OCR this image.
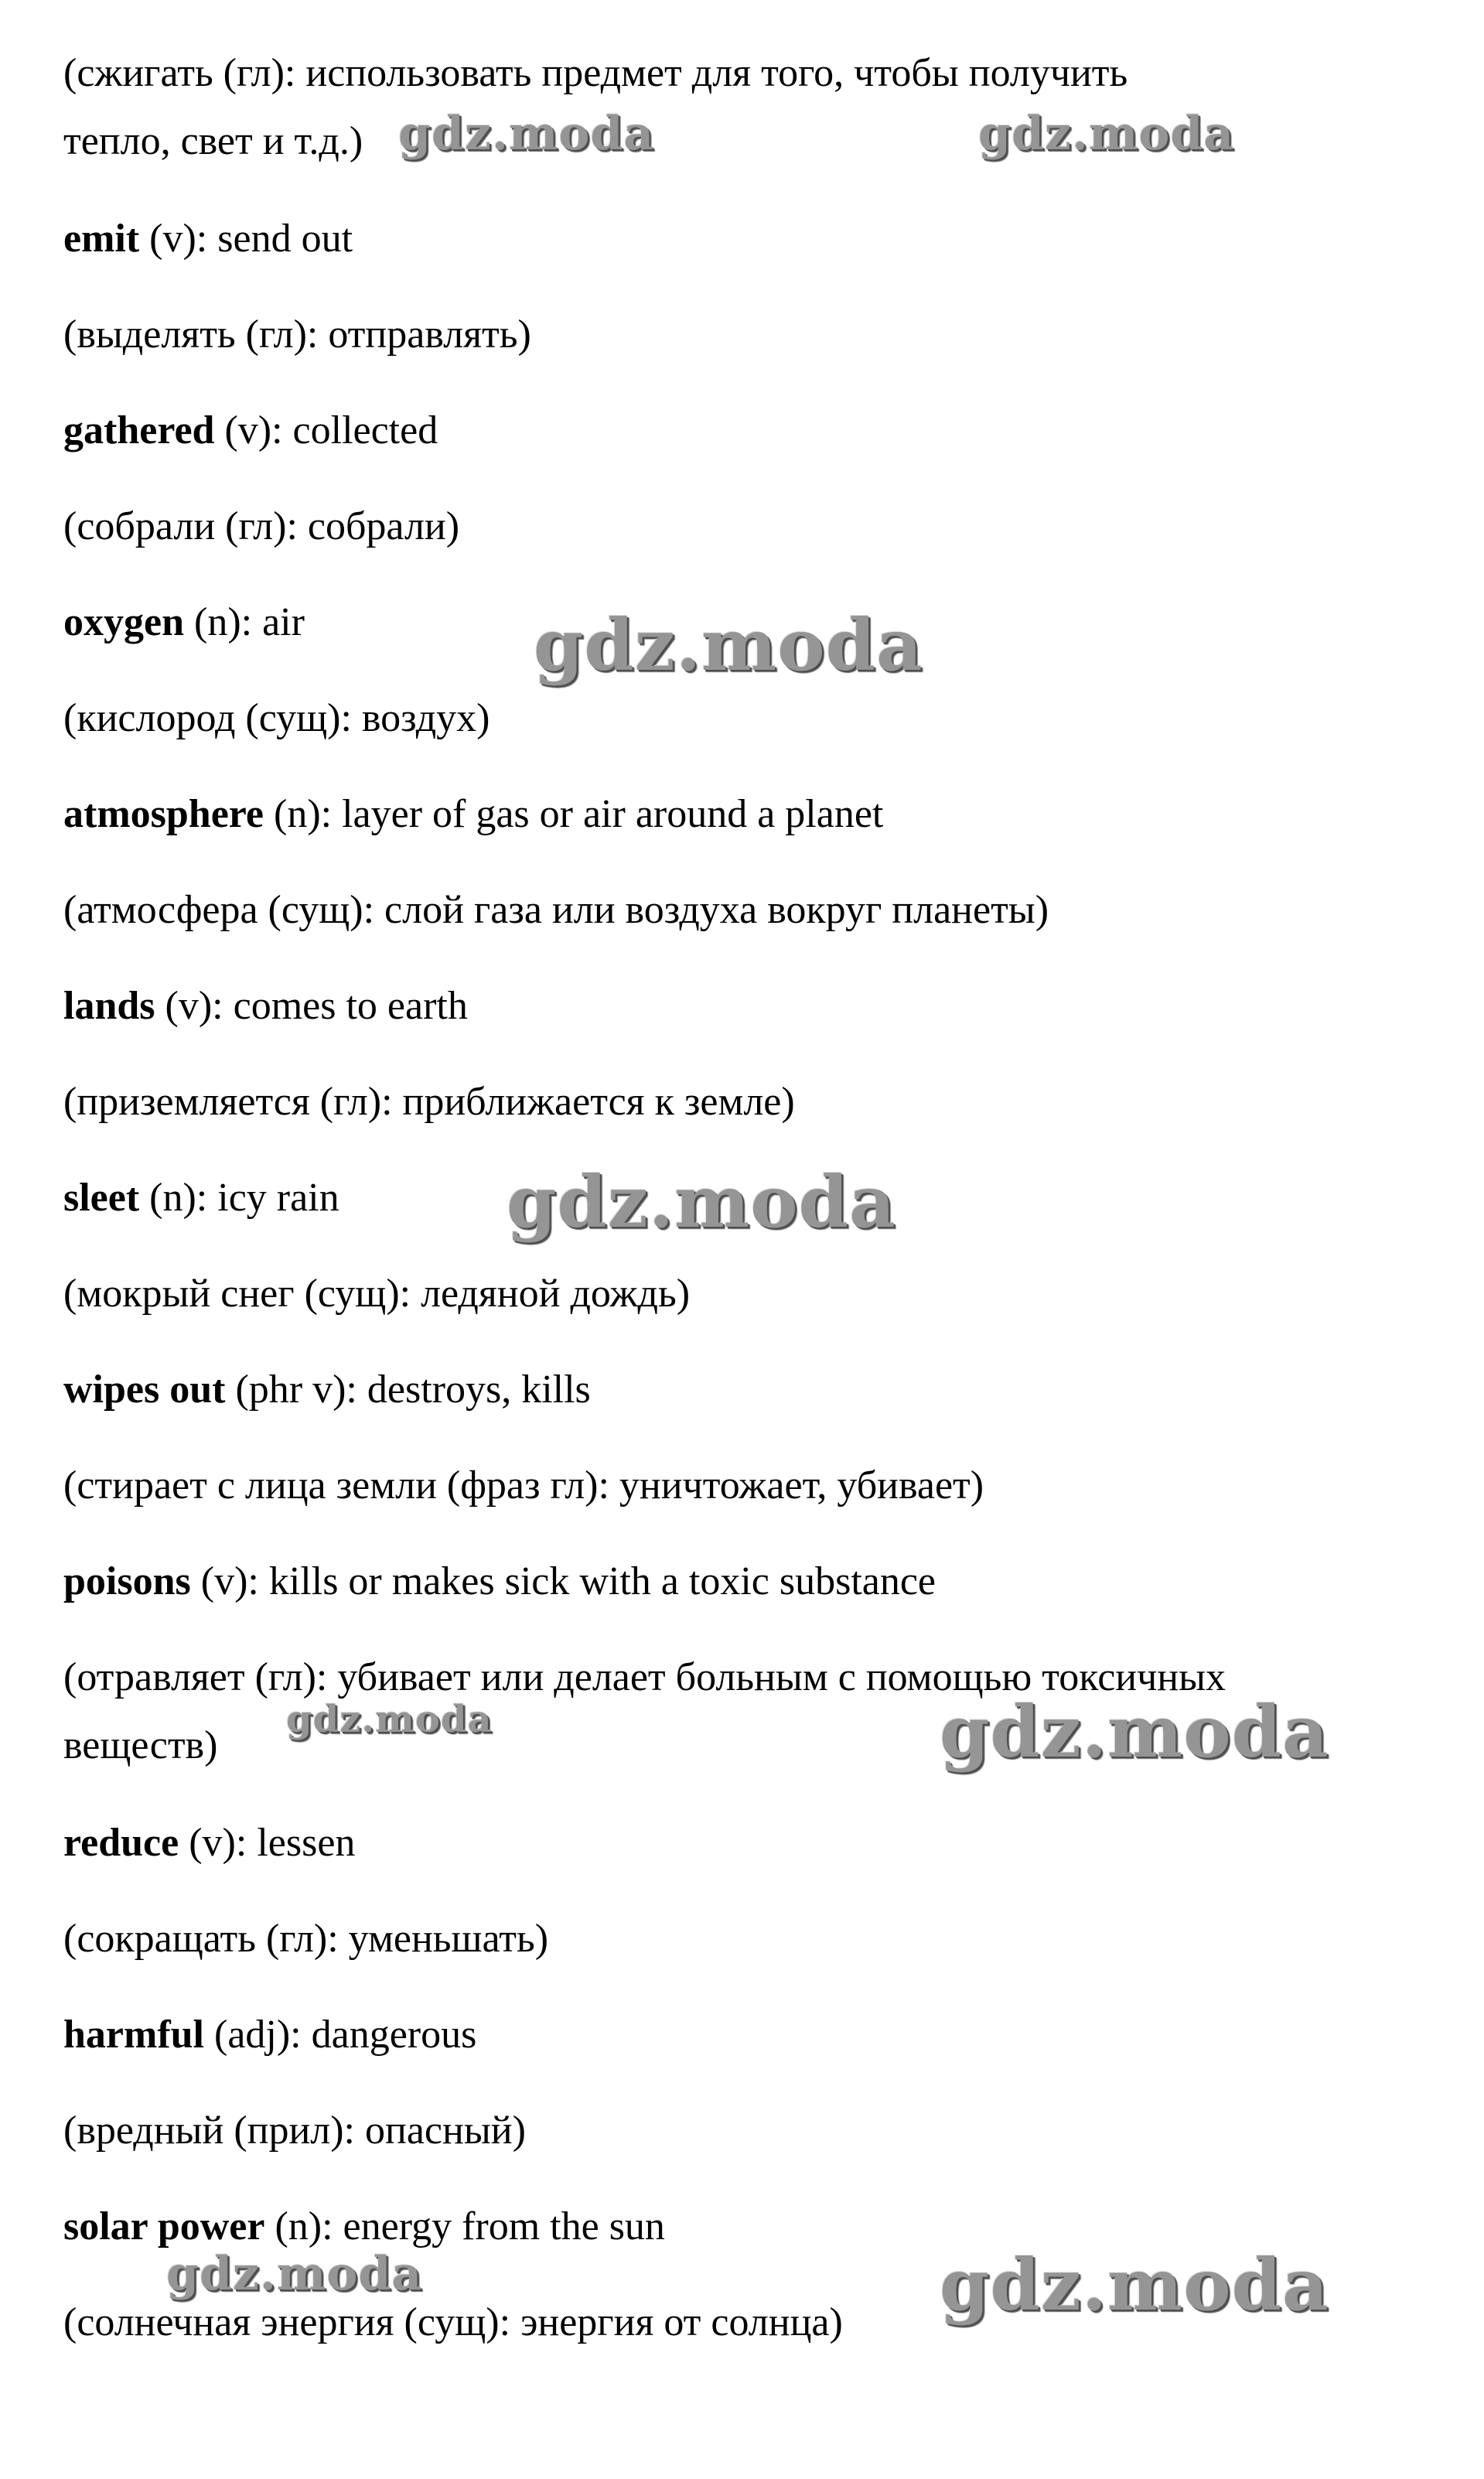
(сжигать (гл): использовать предмет для того, чтобы получить
тепло, свет и т.д.)
emit (v): send out
(выделять (гл): отправлять)
gathered (v): collected
(собрали (гл): собрали)
oxygen (n): air
(кислород (сущ): воздух)
atmosphere (n): layer of gas or air around a planet
(атмосфера (сущ): слой газа или воздуха вокруг планеты)
lands (v): comes to earth
(приземляется (гл): приближается к земле)
sleet (n): icy rain
(мокрый снег (сущ): ледяной дождь)
wipes out (phr v): destroys, kills
(стирает с лица земли (фраз гл): уничтожает, убивает)
poisons (v): kills or makes sick with a toxic substance
(отравляет (гл): убивает или делает больным с помощью токсичных
веществ)
reduce (v): lessen
(сокращать (гл): уменьшать)
harmful (adj): dangerous
(вредный (прил): опасный)
solar power (n): energy from the sun
(солнечная энергия (сущ): энергия от солнца)
gdz.moda	gdz.moda
gdz.moda
gdz.moda
gdz.moda	gdz.moda
gdz.moda	gdz.moda
